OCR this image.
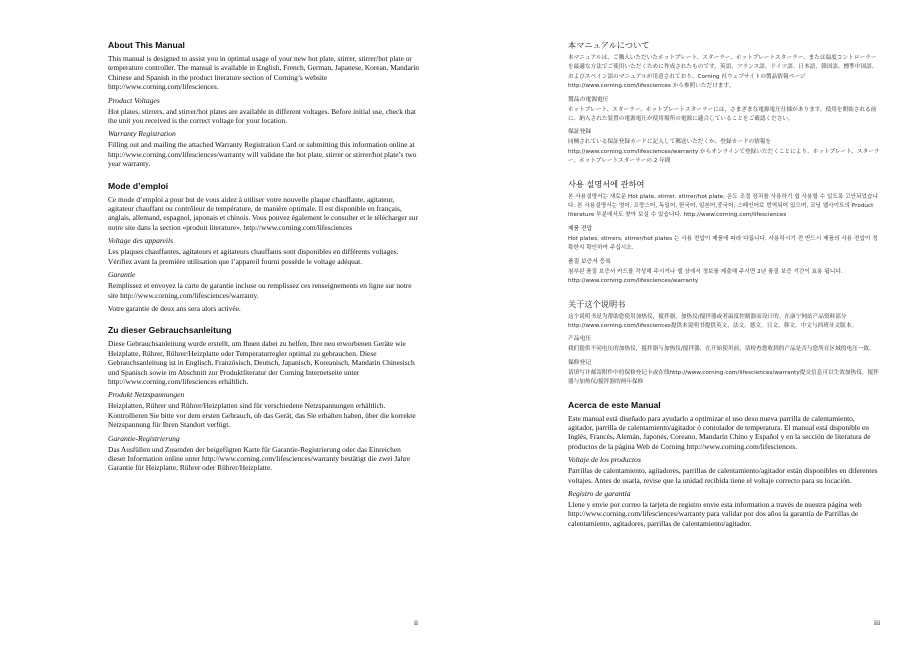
About This Manual

This manual is designed to assist you in optimal usage of your new hot plate, stirrer, stirrer/hot plate or temperature controller. The manual is available in English, French, German, Japanese, Korean, Mandarin Chinese and Spanish in the product literature section of Corning’s website http://www.corning.com/lifesciences.

Product Voltages

Hot plates, stirrers, and stirrer/hot plates are available in different voltages. Before initial use, check that the unit you received is the correct voltage for your location.

Warranty Registration

Filling out and mailing the attached Warranty Registration Card or submitting this information online at http://www.corning.com/lifesciences/warranty will validate the hot plate, stirrer or stirrer/hot plate’s two year warranty.

Mode d’emploi

Ce mode d’emploi a pour but de vous aidez à utiliser votre nouvelle plaque chauffante, agitateur, agitateur chauffant ou contrôleur de température, de manière optimale. Il est disponible en français, anglais, allemand, espagnol, japonais et chinois. Vous pouvez également le consulter et le télécharger sur notre site dans la section «produit literature». http://www.corning.com/lifesciences

Voltage des appareils

Les plaques chauffantes, agitateurs et agitateurs chauffants sont disponibles en différents voltages. Vérifiez avant la première utilisation que l’appareil fourni possède le voltage adéquat.

Garantie

Remplissez et envoyez la carte de garantie incluse ou remplissez ces renseignements en ligne sur notre site http://www.corning.com/lifesciences/warranty.

Votre garantie de deux ans sera alors activée.

Zu dieser Gebrauchsanleitung

Diese Gebrauchsanleitung wurde erstellt, um Ihnen dabei zu helfen, Ihre neu erworbenen Geräte wie Heizplatte, Rührer, Rührer/Heizplatte oder Temperaturregler optimal zu gebrauchen. Diese Gebrauchsanleitung ist in Englisch, Französisch, Deutsch, Japanisch, Koreanisch, Mandarin Chinesisch und Spanisch sowie im Abschnitt zur Produktliteratur der Corning Internetseite unter http://www.corning.com/lifesciences erhältlich.

Produkt Netzspannungen

Heizplatten, Rührer und Rührer/Heizplatten sind für verschiedene Netzspannungen erhältlich. Kontrollieren Sie bitte vor dem ersten Gebrauch, ob das Gerät, das Sie erhalten haben, über die korrekte Netzspannung für Ihren Standort verfügt.

Garantie-Registrierung

Das Ausfüllen und Zusenden der beigefügten Karte für Garantie-Registrierung oder das Einreichen dieser Information online unter http://www.corning.com/lifesciences/warranty bestätigt die zwei Jahre Garantie für Heizplatte, Rührer oder Rührer/Heizplatte.

本マニュアルについて

本マニュアルは、ご購入いただいたホットプレート、スターラー、ホットプレートスターラー、または温度コントローラーを最適な方法でご使用いただくために作成されたものです。英語、フランス語、ドイツ語、日本語、韓国語、標準中国語、およびスペイン語のマニュアルが用意されており、Corning 社ウェブサイトの製品情報ページ http://www.corning.com/lifesciences から参照いただけます。

製品の電源電圧

ホットプレート、スターラー、ホットプレートスターラーには、さまざまな電源電圧仕様があります。使用を開始される前に、納入された装置の電源電圧が使用場所の電源に適合していることをご確認ください。

保証登録

同梱されている保証登録カードに記入して郵送いただくか、登録カードの情報を http://www.corning.com/lifesciences/warranty からオンラインで登録いただくことにより、ホットプレート、スターラー、ホットプレートスターラーの 2 年間

사용 설명서에 관하여

본 사용설명서는 새로운 Hot plate, stirrer, stirrer/hot plate, 온도 조절 장치를 사용하기 쉽 사용할 수 있도록 고안되었습니다. 본 사용설명서는 영어, 프랑스어, 독일어, 한국어, 일본어,중국어, 스페인어로 번역되어 있으며, 코닝 웹사이트의 Product literature 부분에서도 찾아 보실 수 있습니다. http://www.corning.com/lifesciences

제품 전압

Hot plates, stirrers, stirrer/hot plates 는 사용 전압이 제품에 따라 다릅니다. 사용하시기 전 반드시 제품의 사용 전압이 정확한지 확인하여 주십시오.

품질 보증서 등록

첨부된 품질 보증서 카드를 작성해 주시거나 웹 상에서 정보를 제출해 주시면 2년 품질 보증 기간이 효용 됩니다. http://www.corning.com/lifesciences/warranty

关于这个说明书

这个说明书是为帮助您使用加热仪，搅拌器，加热仪/搅拌器或者温度控制器而设计的。在康宁网站产品资料部分http://www.corning.com/lifesciences提供本说明书提供英文、法文、德文、日文、韩文、中文与西班牙文版本。

产品电压

我们提供不同电压的加热仪，搅拌器与加热仪/搅拌器，在开始使用前，请检查您收到的产品是否与您所在区域的电压一致。

保修登记

请填写并邮寄附件中的保修登记卡或在线http://www.corning.com/lifesciences/warranty提交信息可以生效加热仪，搅拌器与加热仪/搅拌器的两年保修

Acerca de este Manual

Este manual está diseñado para ayudarlo a optimizar el uso desu nueva parrilla de calentamiento, agitador, parrilla de calentamiento/agitador ó contolador de temperatura. El manual está disponible en Inglés, Francés, Alemán, Japonés, Coreano, Mandarín Chino y Español y en la sección de literatura de productos de la página Web de Corning http://www.corning.com/lifesciences.

Voltaje de los productos

Parrillas de calentamiento, agitadores, parrillas de calentamiento/agitador están disponibles en diferentes voltajes. Antes de usarla, revise que la unidad recibida tiene el voltaje correcto para su locación.

Registro de garantía

Llene y envie por correo la tarjeta de registro envie esta information a través de nuestra página web http://www.corning.com/lifesciences/warranty para validar por dos años la garantía de Parrillas de calentamiento, agitadores, parrillas de calentamiento/agitador.

ii	iii
